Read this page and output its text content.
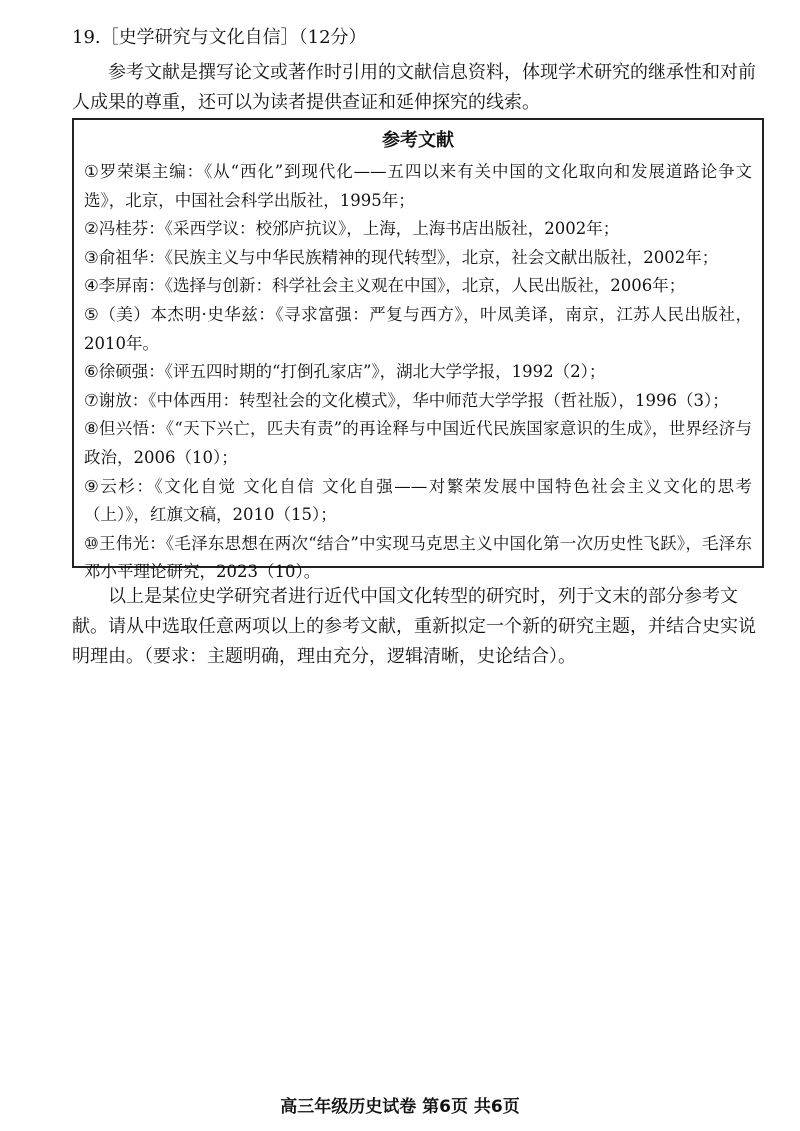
19.［史学研究与文化自信］（12分）
参考文献是撰写论文或著作时引用的文献信息资料，体现学术研究的继承性和对前人成果的尊重，还可以为读者提供查证和延伸探究的线索。
参考文献
①罗荣渠主编：《从“西化”到现代化——五四以来有关中国的文化取向和发展道路论争文选》，北京，中国社会科学出版社，1995年；
②冯桂芬：《采西学议：校邠庐抗议》，上海，上海书店出版社，2002年；
③俞祖华：《民族主义与中华民族精神的现代转型》，北京，社会文献出版社，2002年；
④李屏南：《选择与创新：科学社会主义观在中国》，北京，人民出版社，2006年；
⑤（美）本杰明·史华兹：《寻求富强：严复与西方》，叶凤美译，南京，江苏人民出版社，2010年。
⑥徐硕强：《评五四时期的“打倒孔家店”》，湖北大学学报，1992（2）；
⑦谢放：《中体西用：转型社会的文化模式》，华中师范大学学报（哲社版），1996（3）；
⑧但兴悟：《“天下兴亡，匹夫有责”的再诠释与中国近代民族国家意识的生成》，世界经济与政治，2006（10）；
⑨云杉：《文化自觉 文化自信 文化自强——对繁荣发展中国特色社会主义文化的思考（上）》，红旗文稿，2010（15）；
⑩王伟光：《毛泽东思想在两次“结合”中实现马克思主义中国化第一次历史性飞跃》，毛泽东邓小平理论研究，2023（10）。
以上是某位史学研究者进行近代中国文化转型的研究时，列于文末的部分参考文献。请从中选取任意两项以上的参考文献，重新拟定一个新的研究主题，并结合史实说明理由。（要求：主题明确，理由充分，逻辑清晰，史论结合）。
高三年级历史试卷 第6页 共6页
